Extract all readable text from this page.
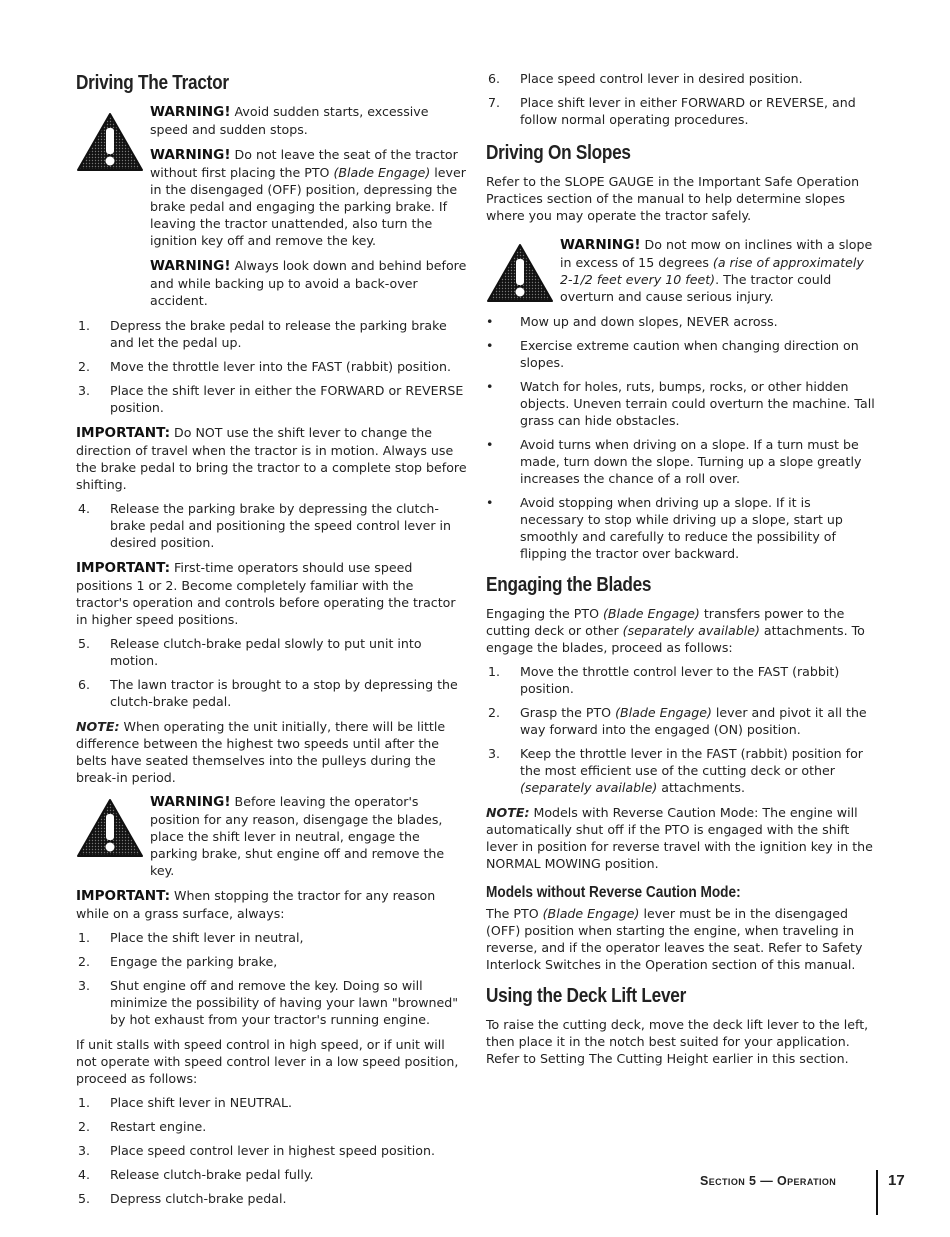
Driving The Tractor

WARNING! Avoid sudden starts, excessive speed and sudden stops.

WARNING! Do not leave the seat of the tractor without first placing the PTO (Blade Engage) lever in the disengaged (OFF) position, depressing the brake pedal and engaging the parking brake. If leaving the tractor unattended, also turn the ignition key off and remove the key.

WARNING! Always look down and behind before and while backing up to avoid a back-over accident.

1. Depress the brake pedal to release the parking brake and let the pedal up.
2. Move the throttle lever into the FAST (rabbit) position.
3. Place the shift lever in either the FORWARD or REVERSE position.

IMPORTANT: Do NOT use the shift lever to change the direction of travel when the tractor is in motion. Always use the brake pedal to bring the tractor to a complete stop before shifting.

4. Release the parking brake by depressing the clutch-brake pedal and positioning the speed control lever in desired position.

IMPORTANT: First-time operators should use speed positions 1 or 2. Become completely familiar with the tractor's operation and controls before operating the tractor in higher speed positions.

5. Release clutch-brake pedal slowly to put unit into motion.
6. The lawn tractor is brought to a stop by depressing the clutch-brake pedal.

NOTE: When operating the unit initially, there will be little difference between the highest two speeds until after the belts have seated themselves into the pulleys during the break-in period.

WARNING! Before leaving the operator's position for any reason, disengage the blades, place the shift lever in neutral, engage the parking brake, shut engine off and remove the key.

IMPORTANT: When stopping the tractor for any reason while on a grass surface, always:

1. Place the shift lever in neutral,
2. Engage the parking brake,
3. Shut engine off and remove the key. Doing so will minimize the possibility of having your lawn "browned" by hot exhaust from your tractor's running engine.

If unit stalls with speed control in high speed, or if unit will not operate with speed control lever in a low speed position, proceed as follows:

1. Place shift lever in NEUTRAL.
2. Restart engine.
3. Place speed control lever in highest speed position.
4. Release clutch-brake pedal fully.
5. Depress clutch-brake pedal.
6. Place speed control lever in desired position.
7. Place shift lever in either FORWARD or REVERSE, and follow normal operating procedures.
Driving On Slopes

Refer to the SLOPE GAUGE in the Important Safe Operation Practices section of the manual to help determine slopes where you may operate the tractor safely.

WARNING! Do not mow on inclines with a slope in excess of 15 degrees (a rise of approximately 2-1/2 feet every 10 feet). The tractor could overturn and cause serious injury.

• Mow up and down slopes, NEVER across.
• Exercise extreme caution when changing direction on slopes.
• Watch for holes, ruts, bumps, rocks, or other hidden objects. Uneven terrain could overturn the machine. Tall grass can hide obstacles.
• Avoid turns when driving on a slope. If a turn must be made, turn down the slope. Turning up a slope greatly increases the chance of a roll over.
• Avoid stopping when driving up a slope. If it is necessary to stop while driving up a slope, start up smoothly and carefully to reduce the possibility of flipping the tractor over backward.
Engaging the Blades

Engaging the PTO (Blade Engage) transfers power to the cutting deck or other (separately available) attachments. To engage the blades, proceed as follows:

1. Move the throttle control lever to the FAST (rabbit) position.
2. Grasp the PTO (Blade Engage) lever and pivot it all the way forward into the engaged (ON) position.
3. Keep the throttle lever in the FAST (rabbit) position for the most efficient use of the cutting deck or other (separately available) attachments.

NOTE: Models with Reverse Caution Mode: The engine will automatically shut off if the PTO is engaged with the shift lever in position for reverse travel with the ignition key in the NORMAL MOWING position.

Models without Reverse Caution Mode:

The PTO (Blade Engage) lever must be in the disengaged (OFF) position when starting the engine, when traveling in reverse, and if the operator leaves the seat. Refer to Safety Interlock Switches in the Operation section of this manual.

Using the Deck Lift Lever

To raise the cutting deck, move the deck lift lever to the left, then place it in the notch best suited for your application. Refer to Setting The Cutting Height earlier in this section.

Section 5 — Operation	17
